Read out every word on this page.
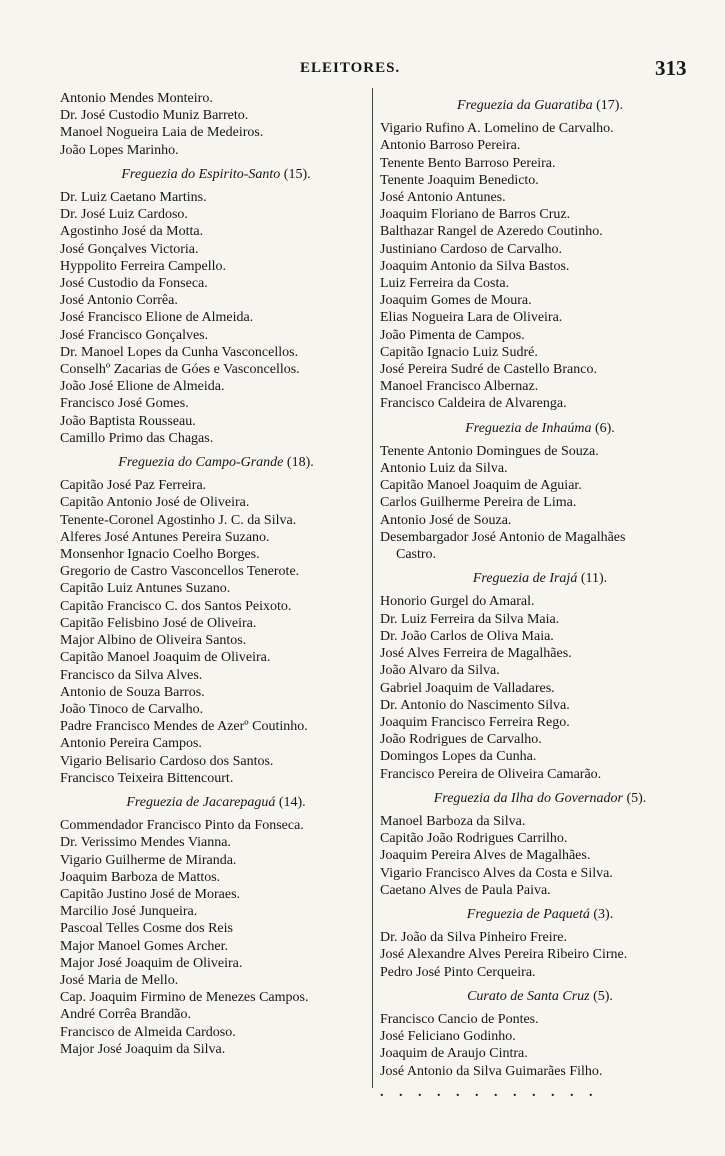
ELEITORES.	313
Antonio Mendes Monteiro.
Dr. José Custodio Muniz Barreto.
Manoel Nogueira Laia de Medeiros.
João Lopes Marinho.
Freguezia do Espirito-Santo (15).
Dr. Luiz Caetano Martins.
Dr. José Luiz Cardoso.
Agostinho José da Motta.
José Gonçalves Victoria.
Hyppolito Ferreira Campello.
José Custodio da Fonseca.
José Antonio Corrêa.
José Francisco Elione de Almeida.
José Francisco Gonçalves.
Dr. Manoel Lopes da Cunha Vasconcellos.
Conselhº Zacarias de Góes e Vasconcellos.
João José Elione de Almeida.
Francisco José Gomes.
João Baptista Rousseau.
Camillo Primo das Chagas.
Freguezia do Campo-Grande (18).
Capitão José Paz Ferreira.
Capitão Antonio José de Oliveira.
Tenente-Coronel Agostinho J. C. da Silva.
Alferes José Antunes Pereira Suzano.
Monsenhor Ignacio Coelho Borges.
Gregorio de Castro Vasconcellos Tenerote.
Capitão Luiz Antunes Suzano.
Capitão Francisco C. dos Santos Peixoto.
Capitão Felisbino José de Oliveira.
Major Albino de Oliveira Santos.
Capitão Manoel Joaquim de Oliveira.
Francisco da Silva Alves.
Antonio de Souza Barros.
João Tinoco de Carvalho.
Padre Francisco Mendes de Azerº Coutinho.
Antonio Pereira Campos.
Vigario Belisario Cardoso dos Santos.
Francisco Teixeira Bittencourt.
Freguezia de Jacarepaguá (14).
Commendador Francisco Pinto da Fonseca.
Dr. Verissimo Mendes Vianna.
Vigario Guilherme de Miranda.
Joaquim Barboza de Mattos.
Capitão Justino José de Moraes.
Marcilio José Junqueira.
Pascoal Telles Cosme dos Reis
Major Manoel Gomes Archer.
Major José Joaquim de Oliveira.
José Maria de Mello.
Cap. Joaquim Firmino de Menezes Campos.
André Corrêa Brandão.
Francisco de Almeida Cardoso.
Major José Joaquim da Silva.
Freguezia da Guaratiba (17).
Vigario Rufino A. Lomelino de Carvalho.
Antonio Barroso Pereira.
Tenente Bento Barroso Pereira.
Tenente Joaquim Benedicto.
José Antonio Antunes.
Joaquim Floriano de Barros Cruz.
Balthazar Rangel de Azeredo Coutinho.
Justiniano Cardoso de Carvalho.
Joaquim Antonio da Silva Bastos.
Luiz Ferreira da Costa.
Joaquim Gomes de Moura.
Elias Nogueira Lara de Oliveira.
João Pimenta de Campos.
Capitão Ignacio Luiz Sudré.
José Pereira Sudré de Castello Branco.
Manoel Francisco Albernaz.
Francisco Caldeira de Alvarenga.
Freguezia de Inhaúma (6).
Tenente Antonio Domingues de Souza.
Antonio Luiz da Silva.
Capitão Manoel Joaquim de Aguiar.
Carlos Guilherme Pereira de Lima.
Antonio José de Souza.
Desembargador José Antonio de Magalhães
Castro.
Freguezia de Irajá (11).
Honorio Gurgel do Amaral.
Dr. Luiz Ferreira da Silva Maia.
Dr. João Carlos de Oliva Maia.
José Alves Ferreira de Magalhães.
João Alvaro da Silva.
Gabriel Joaquim de Valladares.
Dr. Antonio do Nascimento Silva.
Joaquim Francisco Ferreira Rego.
João Rodrigues de Carvalho.
Domingos Lopes da Cunha.
Francisco Pereira de Oliveira Camarão.
Freguezia da Ilha do Governador (5).
Manoel Barboza da Silva.
Capitão João Rodrigues Carrilho.
Joaquim Pereira Alves de Magalhães.
Vigario Francisco Alves da Costa e Silva.
Caetano Alves de Paula Paiva.
Freguezia de Paquetá (3).
Dr. João da Silva Pinheiro Freire.
José Alexandre Alves Pereira Ribeiro Cirne.
Pedro José Pinto Cerqueira.
Curato de Santa Cruz (5).
Francisco Cancio de Pontes.
José Feliciano Godinho.
Joaquim de Araujo Cintra.
José Antonio da Silva Guimarães Filho.
. . . . . . . . . . . .
